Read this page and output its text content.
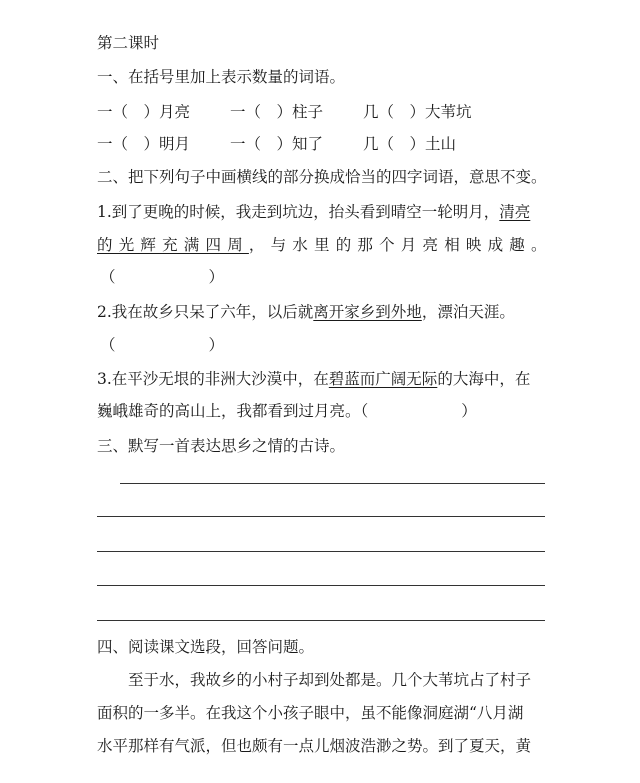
第二课时
一、在括号里加上表示数量的词语。
一（　）月亮	一（　）柱子	几（　）大苇坑
一（　）明月	一（　）知了	几（　）土山
二、把下列句子中画横线的部分换成恰当的四字词语，意思不变。
1.到了更晚的时候，我走到坑边，抬头看到晴空一轮明月，清亮
的光辉充满四周，与水里的那个月亮相映成趣。
（　　　　　　）
2.我在故乡只呆了六年，以后就离开家乡到外地，漂泊天涯。
（　　　　　　）
3.在平沙无垠的非洲大沙漠中，在碧蓝而广阔无际的大海中，在
巍峨雄奇的高山上，我都看到过月亮。（　　　　　　）
三、默写一首表达思乡之情的古诗。
四、阅读课文选段，回答问题。
至于水，我故乡的小村子却到处都是。几个大苇坑占了村子
面积的一多半。在我这个小孩子眼中，虽不能像洞庭湖“八月湖
水平那样有气派，但也颇有一点儿烟波浩渺之势。到了夏天，黄
